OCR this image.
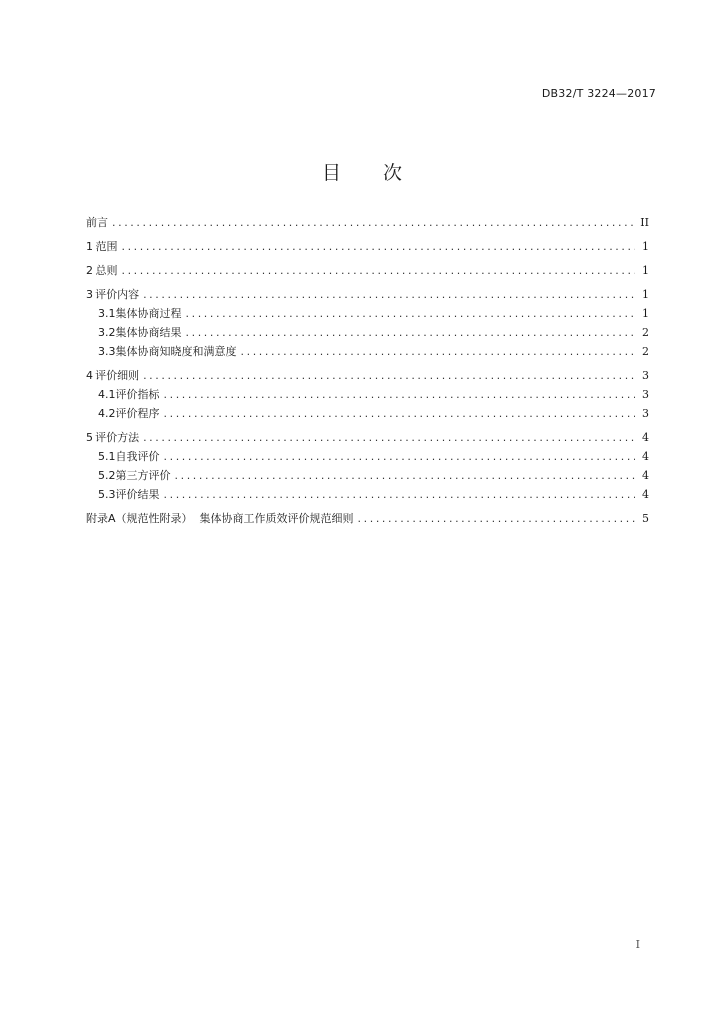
DB32/T 3224—2017
目 次
前言 .....	II
1 范围 .....	1
2 总则 .....	1
3 评价内容 .....	1
3.1 集体协商过程 .....	1
3.2 集体协商结果 .....	2
3.3 集体协商知晓度和满意度 .....	2
4 评价细则 .....	3
4.1 评价指标 .....	3
4.2 评价程序 .....	3
5 评价方法 .....	4
5.1 自我评价 .....	4
5.2 第三方评价 .....	4
5.3 评价结果 .....	4
附录A（规范性附录）  集体协商工作质效评价规范细则 .....	5
I
